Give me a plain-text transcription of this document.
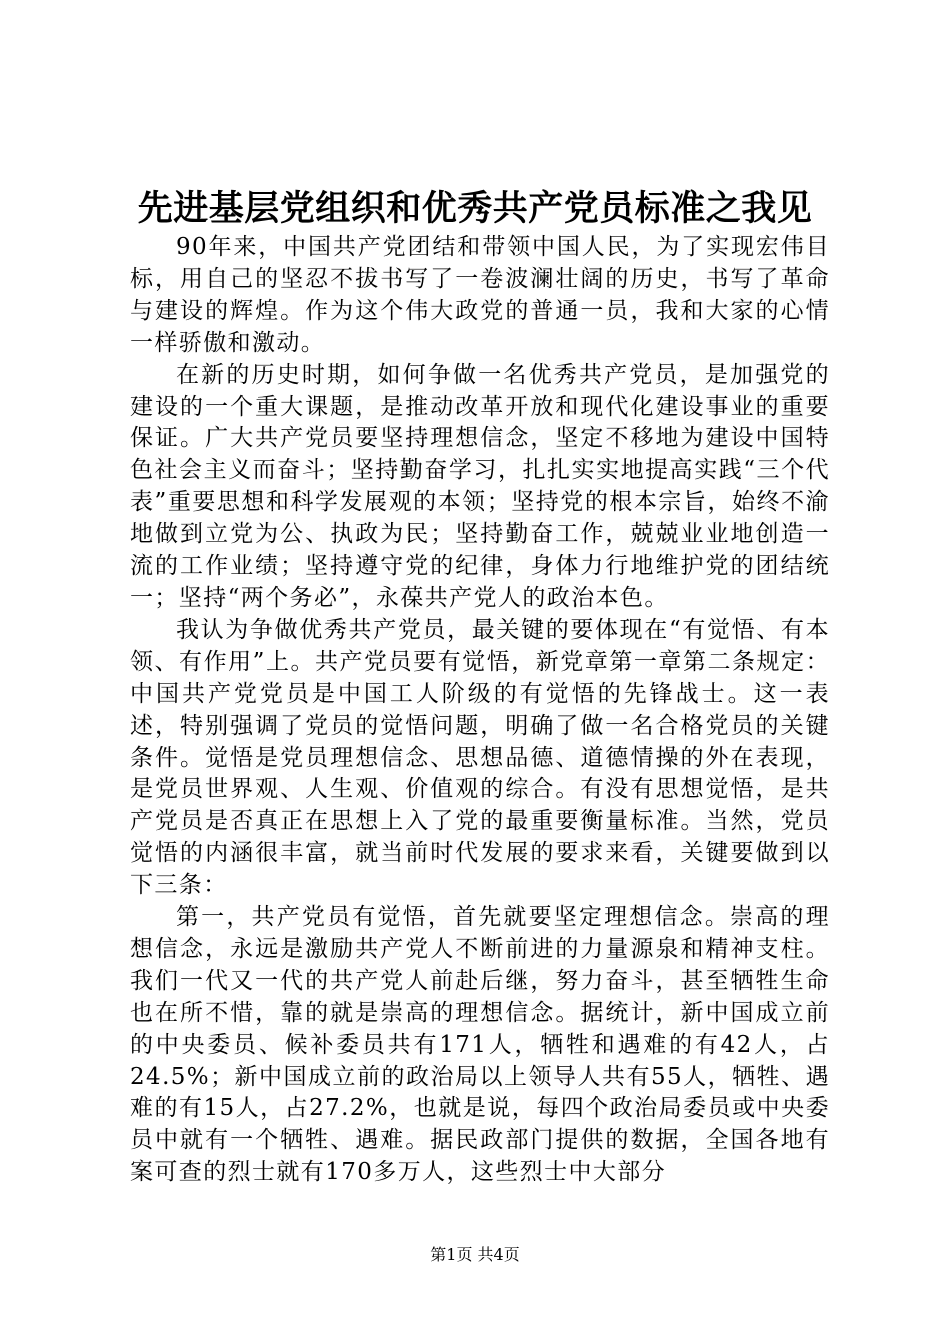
先进基层党组织和优秀共产党员标准之我见

90年来，中国共产党团结和带领中国人民，为了实现宏伟目标，用自己的坚忍不拔书写了一卷波澜壮阔的历史，书写了革命与建设的辉煌。作为这个伟大政党的普通一员，我和大家的心情一样骄傲和激动。

在新的历史时期，如何争做一名优秀共产党员，是加强党的建设的一个重大课题，是推动改革开放和现代化建设事业的重要保证。广大共产党员要坚持理想信念，坚定不移地为建设中国特色社会主义而奋斗；坚持勤奋学习，扎扎实实地提高实践“三个代表”重要思想和科学发展观的本领；坚持党的根本宗旨，始终不渝地做到立党为公、执政为民；坚持勤奋工作，兢兢业业地创造一流的工作业绩；坚持遵守党的纪律，身体力行地维护党的团结统一；坚持“两个务必”，永葆共产党人的政治本色。

我认为争做优秀共产党员，最关键的要体现在“有觉悟、有本领、有作用”上。共产党员要有觉悟，新党章第一章第二条规定：中国共产党党员是中国工人阶级的有觉悟的先锋战士。这一表述，特别强调了党员的觉悟问题，明确了做一名合格党员的关键条件。觉悟是党员理想信念、思想品德、道德情操的外在表现，是党员世界观、人生观、价值观的综合。有没有思想觉悟，是共产党员是否真正在思想上入了党的最重要衡量标准。当然，党员觉悟的内涵很丰富，就当前时代发展的要求来看，关键要做到以下三条：

第一，共产党员有觉悟，首先就要坚定理想信念。崇高的理想信念，永远是激励共产党人不断前进的力量源泉和精神支柱。我们一代又一代的共产党人前赴后继，努力奋斗，甚至牺牲生命也在所不惜，靠的就是崇高的理想信念。据统计，新中国成立前的中央委员、候补委员共有171人，牺牲和遇难的有42人，占24.5%；新中国成立前的政治局以上领导人共有55人，牺牲、遇难的有15人，占27.2%，也就是说，每四个政治局委员或中央委员中就有一个牺牲、遇难。据民政部门提供的数据，全国各地有案可查的烈士就有170多万人，这些烈士中大部分

第1页 共4页
